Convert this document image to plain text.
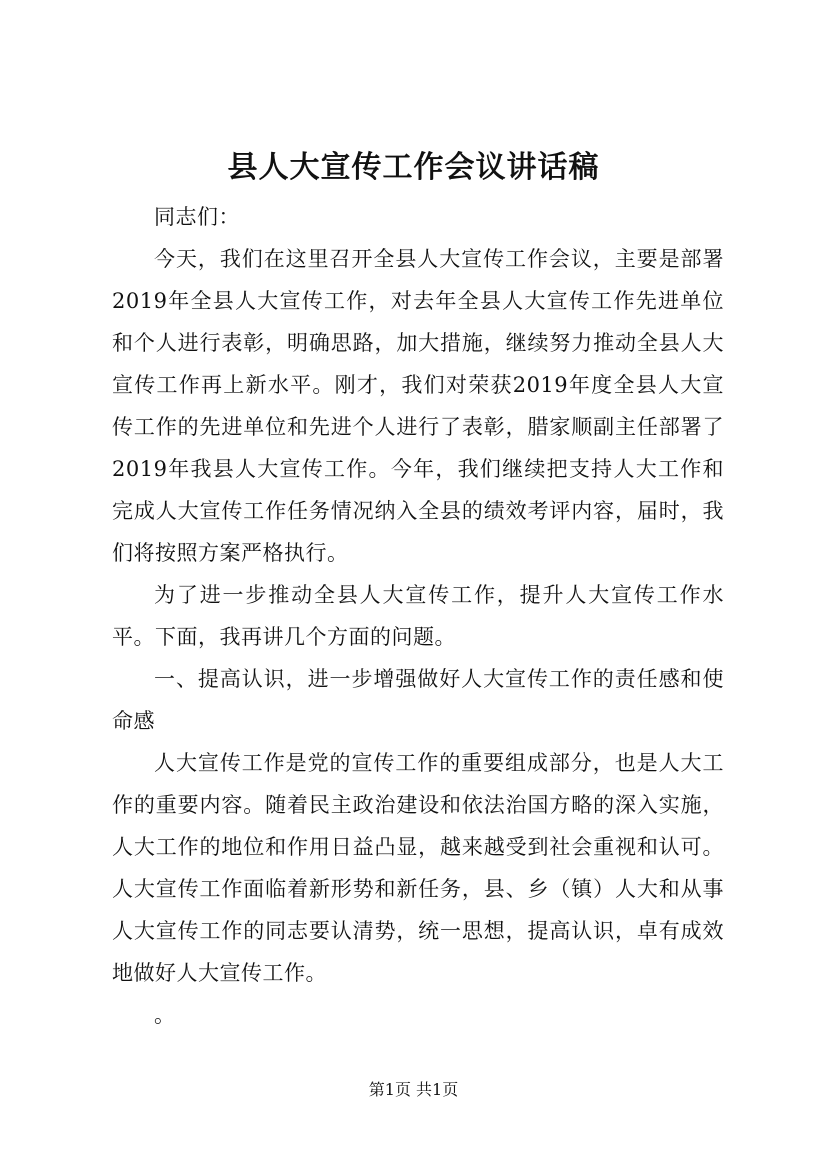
县人大宣传工作会议讲话稿

同志们：

今天，我们在这里召开全县人大宣传工作会议，主要是部署2019年全县人大宣传工作，对去年全县人大宣传工作先进单位和个人进行表彰，明确思路，加大措施，继续努力推动全县人大宣传工作再上新水平。刚才，我们对荣获2019年度全县人大宣传工作的先进单位和先进个人进行了表彰，腊家顺副主任部署了2019年我县人大宣传工作。今年，我们继续把支持人大工作和完成人大宣传工作任务情况纳入全县的绩效考评内容，届时，我们将按照方案严格执行。

为了进一步推动全县人大宣传工作，提升人大宣传工作水平。下面，我再讲几个方面的问题。

一、提高认识，进一步增强做好人大宣传工作的责任感和使命感

人大宣传工作是党的宣传工作的重要组成部分，也是人大工作的重要内容。随着民主政治建设和依法治国方略的深入实施，人大工作的地位和作用日益凸显，越来越受到社会重视和认可。人大宣传工作面临着新形势和新任务，县、乡（镇）人大和从事人大宣传工作的同志要认清势，统一思想，提高认识，卓有成效地做好人大宣传工作。

。

第1页 共1页
